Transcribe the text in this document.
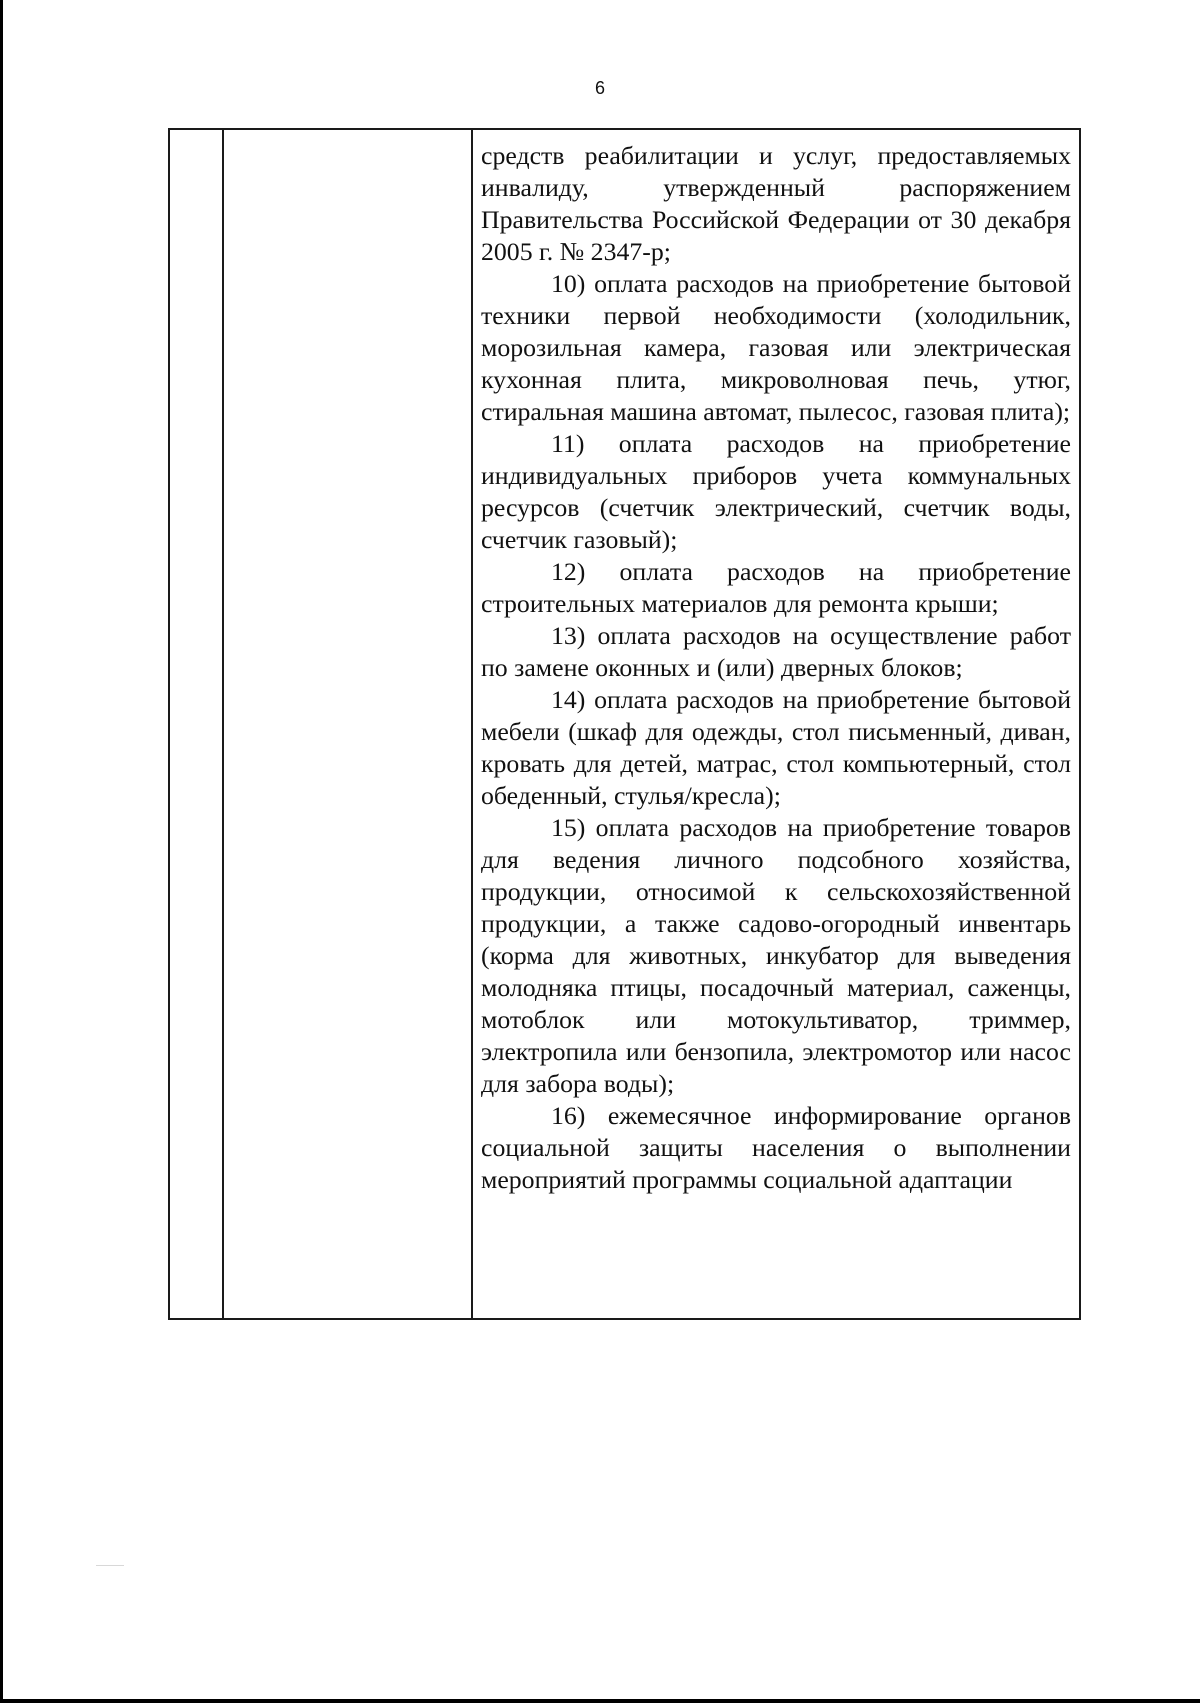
6

средств реабилитации и услуг, предоставляемых инвалиду, утвержденный распоряжением Правительства Российской Федерации от 30 декабря 2005 г. № 2347-р;

10) оплата расходов на приобретение бытовой техники первой необходимости (холодильник, морозильная камера, газовая или электрическая кухонная плита, микроволновая печь, утюг, стиральная машина автомат, пылесос, газовая плита);

11) оплата расходов на приобретение индивидуальных приборов учета коммунальных ресурсов (счетчик электрический, счетчик воды, счетчик газовый);

12) оплата расходов на приобретение строительных материалов для ремонта крыши;

13) оплата расходов на осуществление работ по замене оконных и (или) дверных блоков;

14) оплата расходов на приобретение бытовой мебели (шкаф для одежды, стол письменный, диван, кровать для детей, матрас, стол компьютерный, стол обеденный, стулья/кресла);

15) оплата расходов на приобретение товаров для ведения личного подсобного хозяйства, продукции, относимой к сельскохозяйственной продукции, а также садово-огородный инвентарь (корма для животных, инкубатор для выведения молодняка птицы, посадочный материал, саженцы, мотоблок или мотокультиватор, триммер, электропила или бензопила, электромотор или насос для забора воды);

16) ежемесячное информирование органов социальной защиты населения о выполнении мероприятий программы социальной адаптации
